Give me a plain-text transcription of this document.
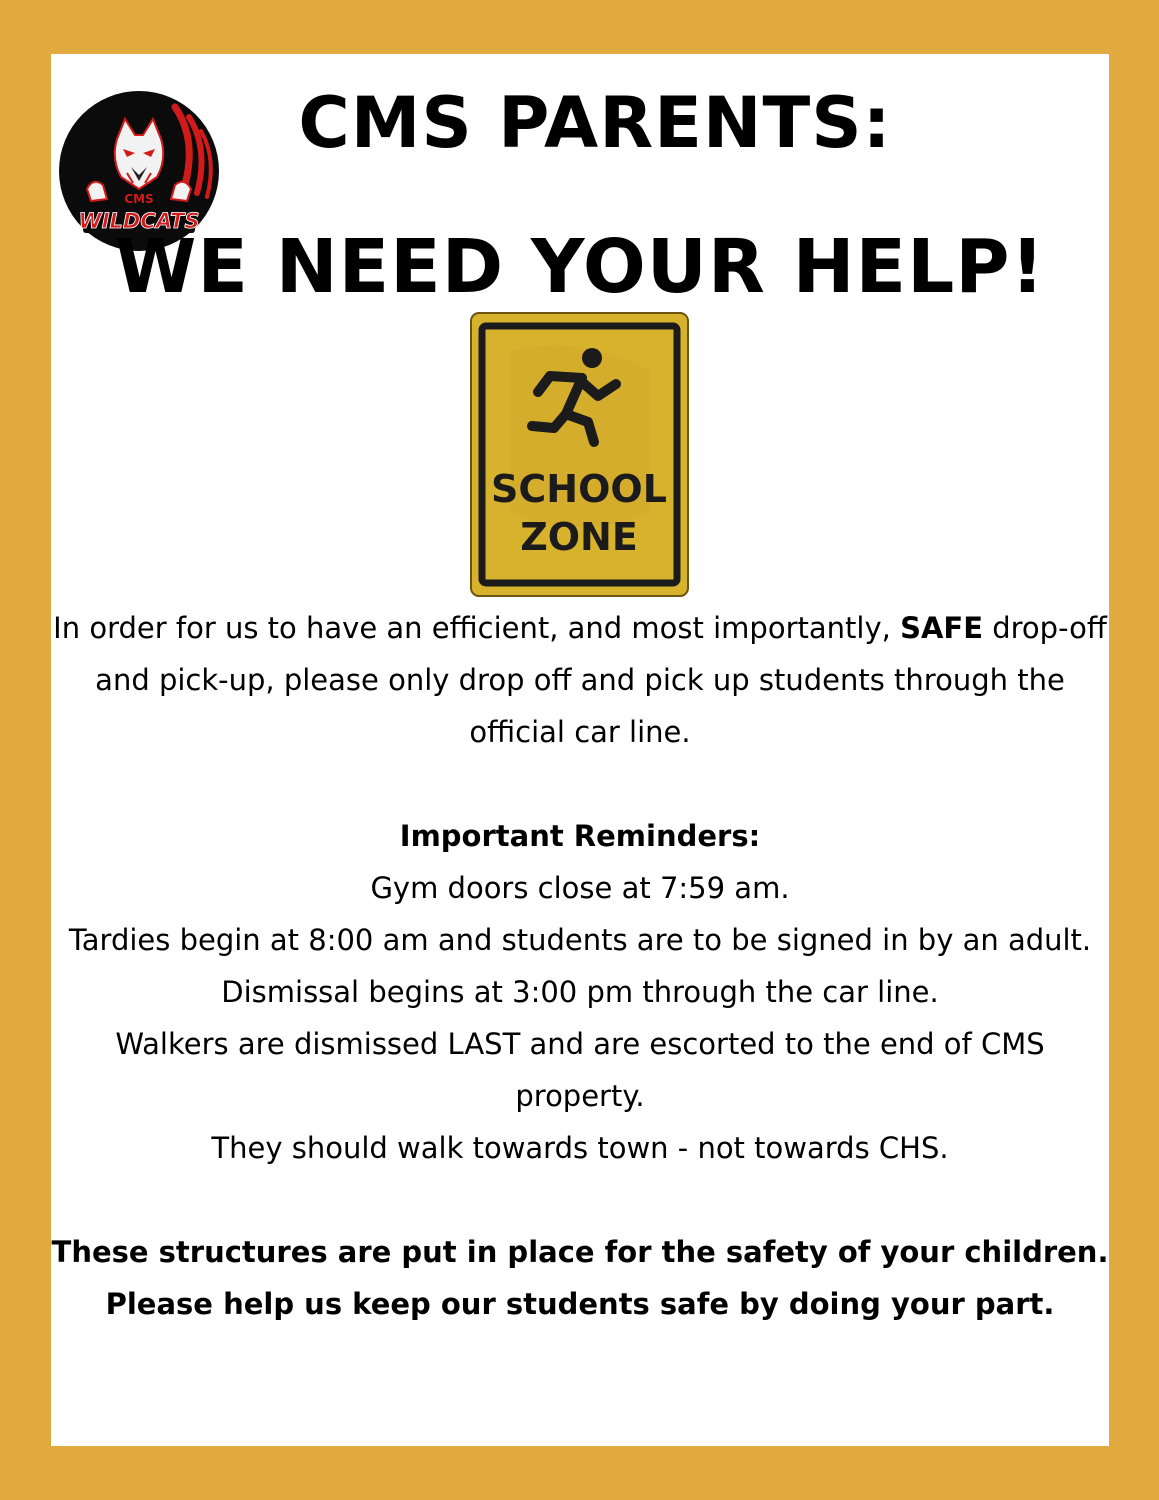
CMS
WILDCATS
CMS PARENTS:
WE NEED YOUR HELP!
SCHOOL
ZONE

In order for us to have an efficient, and most importantly, SAFE drop-off and pick-up, please only drop off and pick up students through the official car line.

Important Reminders:

Gym doors close at 7:59 am.

Tardies begin at 8:00 am and students are to be signed in by an adult.

Dismissal begins at 3:00 pm through the car line.

Walkers are dismissed LAST and are escorted to the end of CMS property.

They should walk towards town - not towards CHS.

These structures are put in place for the safety of your children.

Please help us keep our students safe by doing your part.
